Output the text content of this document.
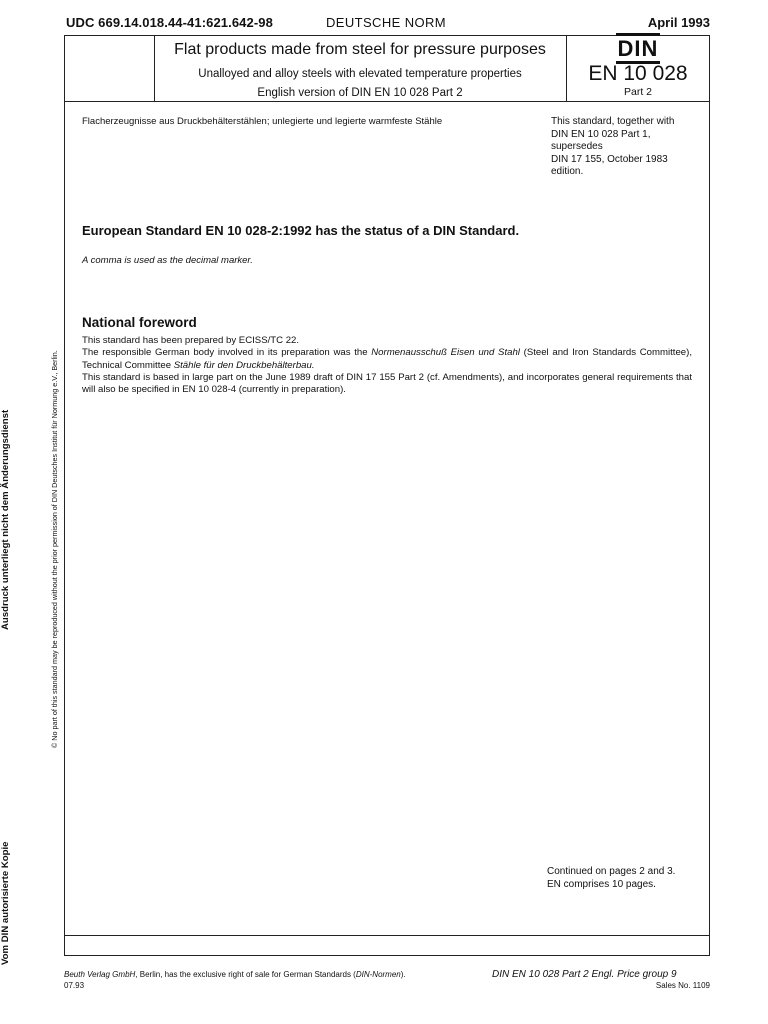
UDC 669.14.018.44-41:621.642-98	DEUTSCHE NORM	April 1993
Flat products made from steel for pressure purposes
Unalloyed and alloy steels with elevated temperature properties
English version of DIN EN 10 028 Part 2
DIN
EN 10 028
Part 2
Flacherzeugnisse aus Druckbehälterstählen; unlegierte und legierte warmfeste Stähle	This standard, together with
DIN EN 10 028 Part 1,
supersedes
DIN 17 155, October 1983
edition.
European Standard EN 10 028-2:1992 has the status of a DIN Standard.
A comma is used as the decimal marker.
National foreword

This standard has been prepared by ECISS/TC 22.

The responsible German body involved in its preparation was the Normenausschuß Eisen und Stahl (Steel and Iron Standards Committee), Technical Committee Stähle für den Druckbehälterbau.

This standard is based in large part on the June 1989 draft of DIN 17 155 Part 2 (cf. Amendments), and incorporates general requirements that will also be specified in EN 10 028-4 (currently in preparation).

Continued on pages 2 and 3.
EN comprises 10 pages.
Beuth Verlag GmbH, Berlin, has the exclusive right of sale for German Standards (DIN-Normen).
07.93
DIN EN 10 028 Part 2 Engl. Price group 9
Sales No. 1109
© No part of this standard may be reproduced without the prior permission of DIN Deutsches Institut für Normung e.V., Berlin.
Ausdruck unterliegt nicht dem Änderungsdienst
Vom DIN autorisierte Kopie
